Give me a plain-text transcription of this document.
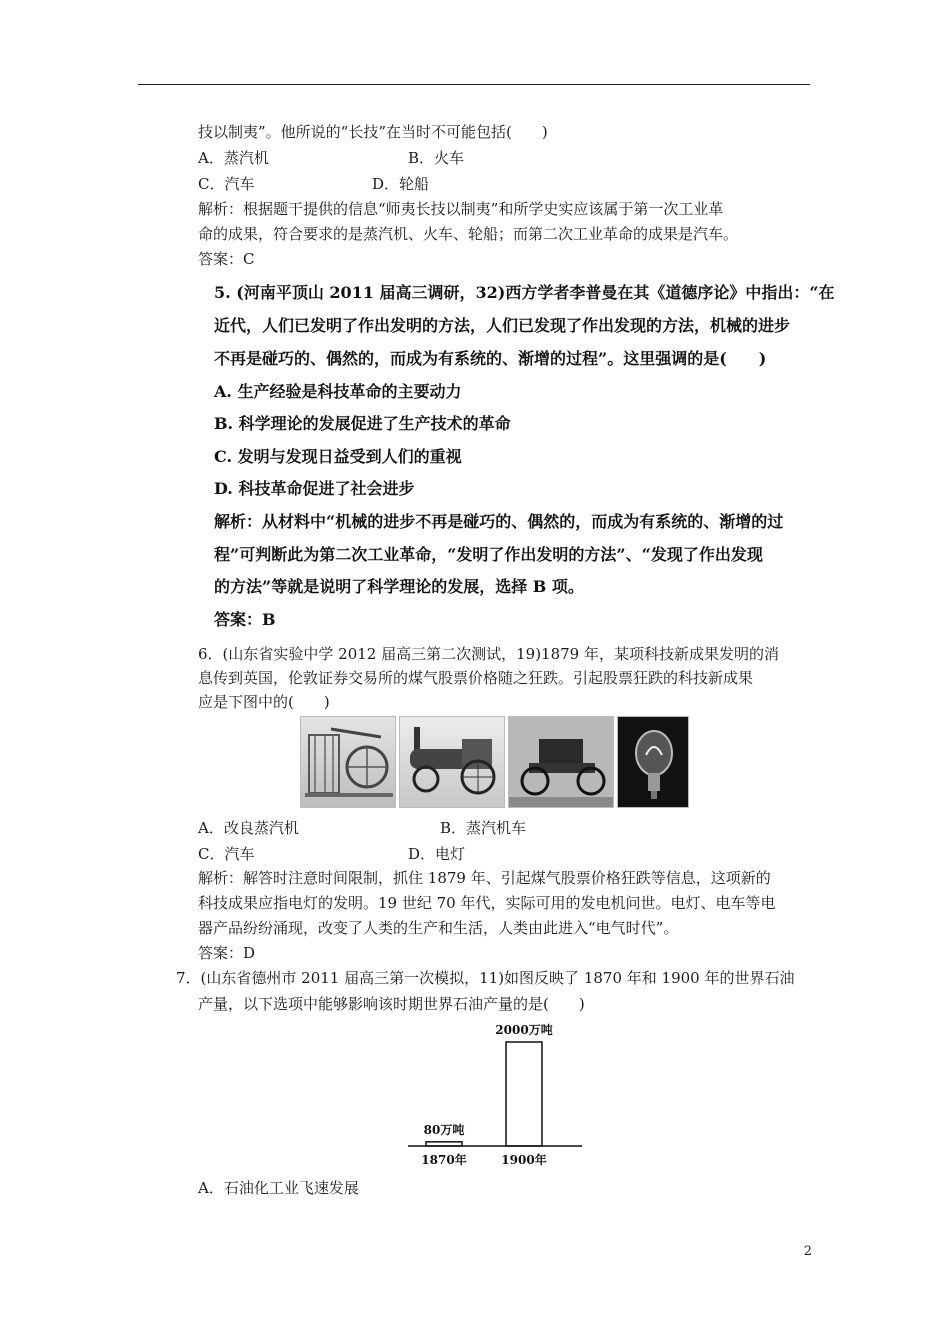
技以制夷”。他所说的“长技”在当时不可能包括(　　)
A．蒸汽机	B．火车
C．汽车	D．轮船
解析：根据题干提供的信息“师夷长技以制夷”和所学史实应该属于第一次工业革
命的成果，符合要求的是蒸汽机、火车、轮船；而第二次工业革命的成果是汽车。
答案：C
5. (河南平顶山 2011 届高三调研，32)西方学者李普曼在其《道德序论》中指出：“在
近代，人们已发明了作出发明的方法，人们已发现了作出发现的方法，机械的进步
不再是碰巧的、偶然的，而成为有系统的、渐增的过程”。这里强调的是(　　)
A. 生产经验是科技革命的主要动力
B. 科学理论的发展促进了生产技术的革命
C. 发明与发现日益受到人们的重视
D. 科技革命促进了社会进步
解析：从材料中“机械的进步不再是碰巧的、偶然的，而成为有系统的、渐增的过
程”可判断此为第二次工业革命，“发明了作出发明的方法”、“发现了作出发现
的方法”等就是说明了科学理论的发展，选择 B 项。
答案：B
6．(山东省实验中学 2012 届高三第二次测试，19)1879 年，某项科技新成果发明的消
息传到英国，伦敦证券交易所的煤气股票价格随之狂跌。引起股票狂跌的科技新成果
应是下图中的(　　)
A．改良蒸汽机	B．蒸汽机车
C．汽车	D．电灯
解析：解答时注意时间限制，抓住 1879 年、引起煤气股票价格狂跌等信息，这项新的
科技成果应指电灯的发明。19 世纪 70 年代，实际可用的发电机问世。电灯、电车等电
器产品纷纷涌现，改变了人类的生产和生活，人类由此进入“电气时代”。
答案：D
7．(山东省德州市 2011 届高三第一次模拟，11)如图反映了 1870 年和 1900 年的世界石油
产量，以下选项中能够影响该时期世界石油产量的是(　　)
80万吨
2000万吨
1870年	1900年
A．石油化工业飞速发展
2
